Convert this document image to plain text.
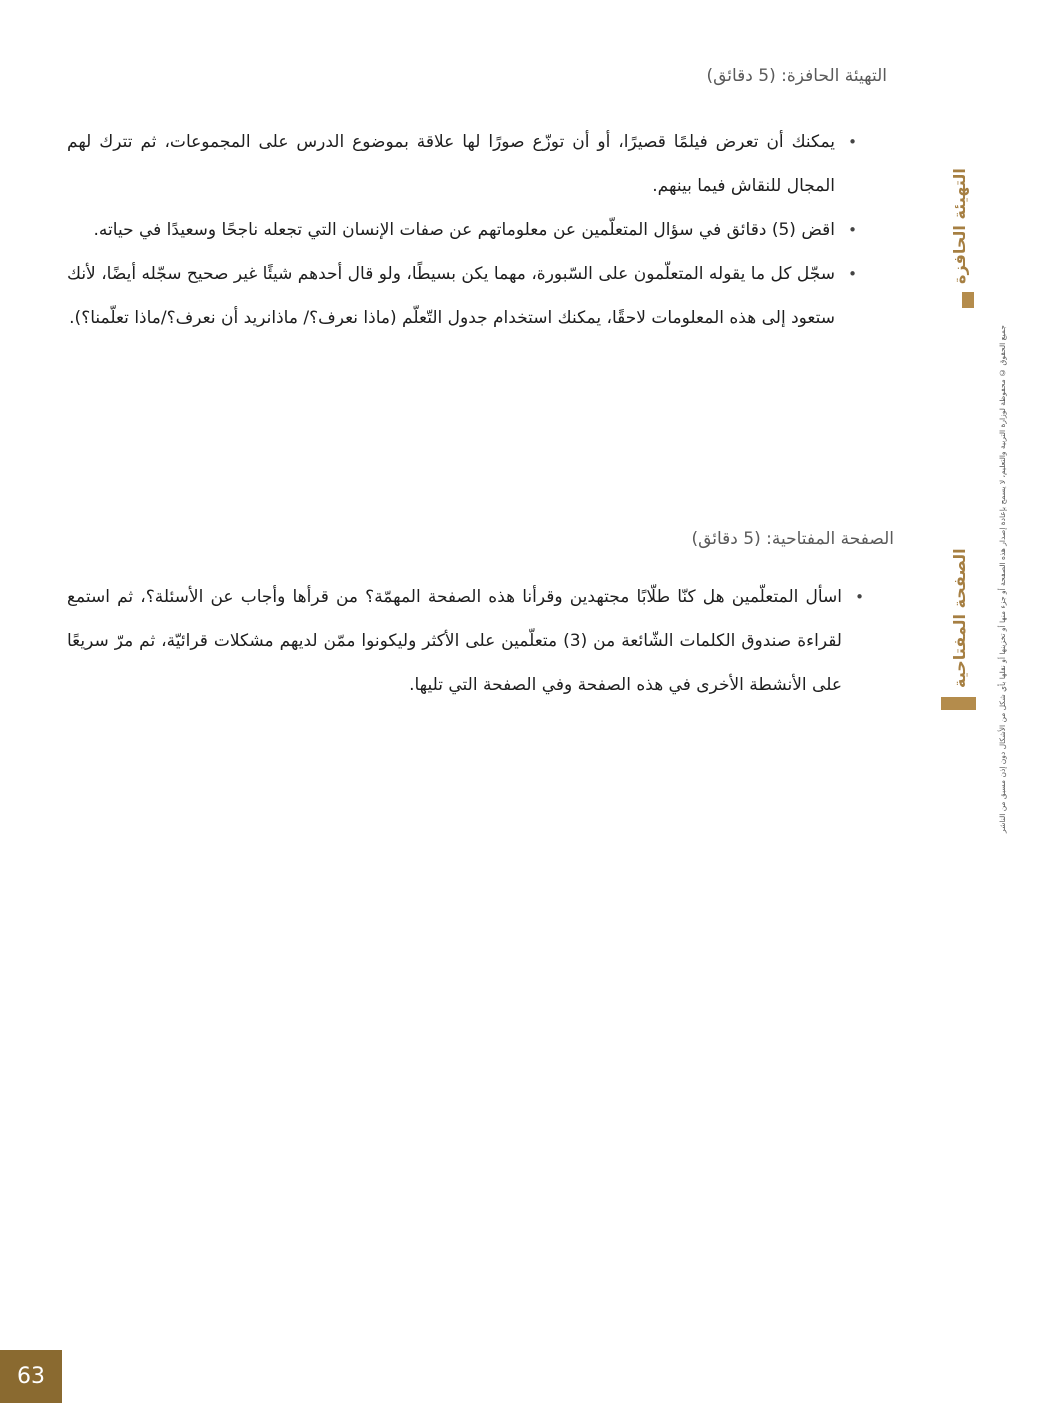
التهيئة الحافزة: (5 دقائق)
• يمكنك أن تعرض فيلمًا قصيرًا، أو أن توزّع صورًا لها علاقة بموضوع الدرس على المجموعات، ثم تترك لهم المجال للنقاش فيما بينهم.
• اقض (5) دقائق في سؤال المتعلّمين عن معلوماتهم عن صفات الإنسان التي تجعله ناجحًا وسعيدًا في حياته.
• سجّل كل ما يقوله المتعلّمون على السّبورة، مهما يكن بسيطًا، ولو قال أحدهم شيئًا غير صحيح سجّله أيضًا، لأنك ستعود إلى هذه المعلومات لاحقًا، يمكنك استخدام جدول التّعلّم (ماذا نعرف؟/ ماذانريد أن نعرف؟/ماذا تعلّمنا؟).
الصفحة المفتاحية: (5 دقائق)
• اسأل المتعلّمين هل كنّا طلّابًا مجتهدين وقرأنا هذه الصفحة المهمّة؟ من قرأها وأجاب عن الأسئلة؟، ثم استمع لقراءة صندوق الكلمات الشّائعة من (3) متعلّمين على الأكثر وليكونوا ممّن لديهم مشكلات قرائيّة، ثم مرّ سريعًا على الأنشطة الأخرى في هذه الصفحة وفي الصفحة التي تليها.
التهيئة الحافزة
الصفحة المفتاحية	جميع الحقوق © محفوظة لوزارة التربية والتعليم، لا يسمح بإعادة إصدار هذه الصفحة أو جزء منها أو تخزينها أو نقلها بأي شكل من الأشكال دون إذن مسبق من الناشر
63
